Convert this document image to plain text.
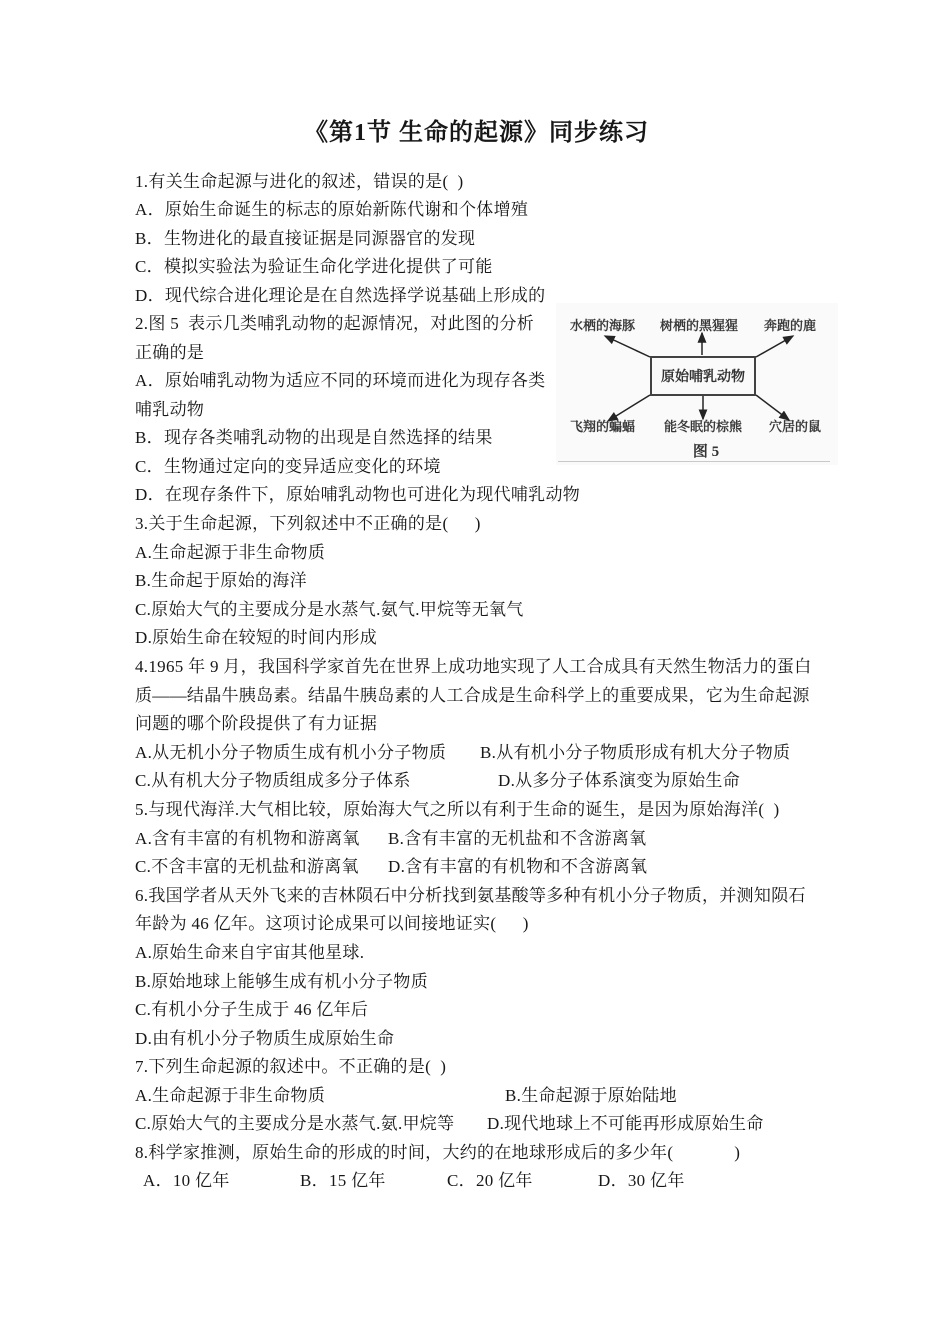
《第1节 生命的起源》同步练习
1.有关生命起源与进化的叙述，错误的是(  )
A．原始生命诞生的标志的原始新陈代谢和个体增殖
B．生物进化的最直接证据是同源器官的发现
C．模拟实验法为验证生命化学进化提供了可能
D．现代综合进化理论是在自然选择学说基础上形成的
2.图 5  表示几类哺乳动物的起源情况，对此图的分析
正确的是
A．原始哺乳动物为适应不同的环境而进化为现存各类
哺乳动物
B．现存各类哺乳动物的出现是自然选择的结果
C．生物通过定向的变异适应变化的环境
D．在现存条件下，原始哺乳动物也可进化为现代哺乳动物
水栖的海豚 树栖的黑猩猩 奔跑的鹿
原始哺乳动物
飞翔的蝙蝠 能冬眠的棕熊 穴居的鼠
图 5
3.关于生命起源，下列叙述中不正确的是(　  )
A.生命起源于非生命物质
B.生命起于原始的海洋
C.原始大气的主要成分是水蒸气.氨气.甲烷等无氧气
D.原始生命在较短的时间内形成
4.1965 年 9 月，我国科学家首先在世界上成功地实现了人工合成具有天然生物活力的蛋白
质——结晶牛胰岛素。结晶牛胰岛素的人工合成是生命科学上的重要成果，它为生命起源
问题的哪个阶段提供了有力证据
A.从无机小分子物质生成有机小分子物质 B.从有机小分子物质形成有机大分子物质
C.从有机大分子物质组成多分子体系	D.从多分子体系演变为原始生命
5.与现代海洋.大气相比较，原始海大气之所以有利于生命的诞生，是因为原始海洋(  )
A.含有丰富的有机物和游离氧 B.含有丰富的无机盐和不含游离氧
C.不含丰富的无机盐和游离氧 D.含有丰富的有机物和不含游离氧
6.我国学者从天外飞来的吉林陨石中分析找到氨基酸等多种有机小分子物质，并测知陨石
年龄为 46 亿年。这项讨论成果可以间接地证实(　  )
A.原始生命来自宇宙其他星球.
B.原始地球上能够生成有机小分子物质
C.有机小分子生成于 46 亿年后
D.由有机小分子物质生成原始生命
7.下列生命起源的叙述中。不正确的是(  )
A.生命起源于非生命物质	B.生命起源于原始陆地
C.原始大气的主要成分是水蒸气.氨.甲烷等 D.现代地球上不可能再形成原始生命
8.科学家推测，原始生命的形成的时间，大约的在地球形成后的多少年(　　　  )
A．10 亿年	B．15 亿年	C．20 亿年	D．30 亿年
